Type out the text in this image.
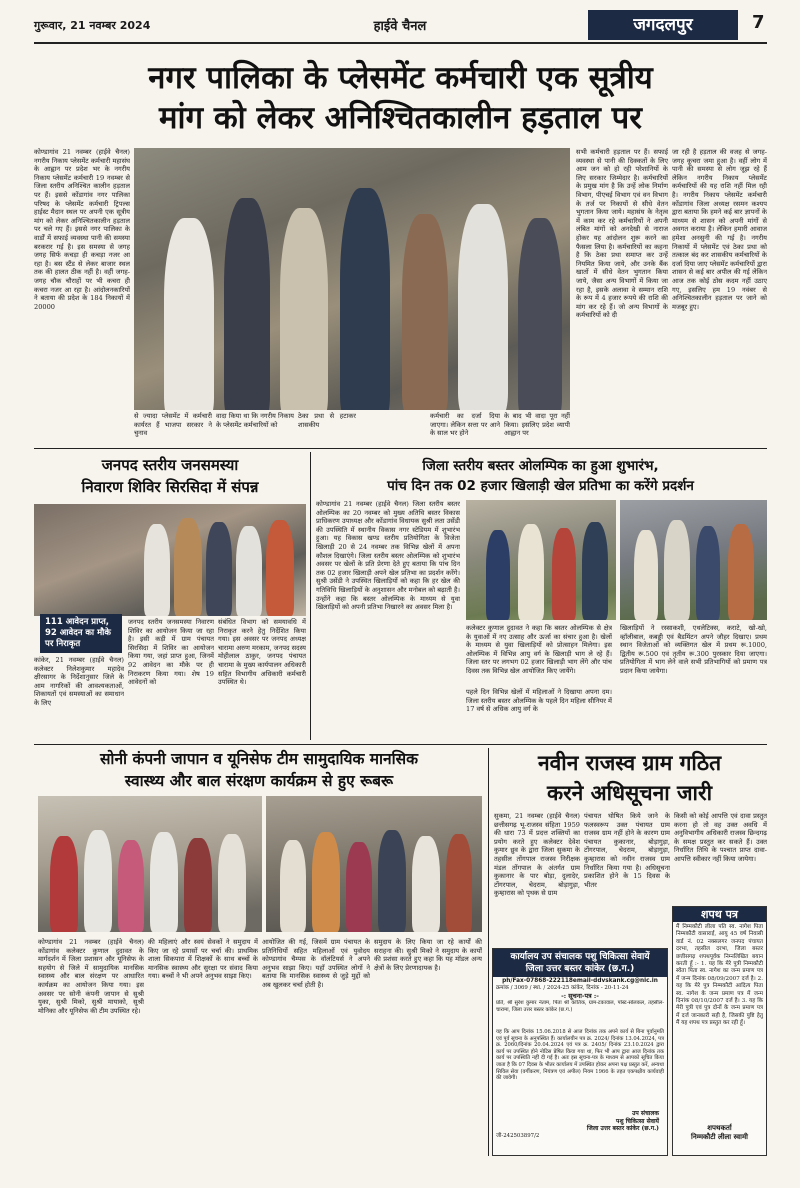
गुरूवार, 21 नवम्बर 2024	हाईवे चैनल	जगदलपुर	7
नगर पालिका के प्लेसमेंट कर्मचारी एक सूत्रीय
मांग को लेकर अनिश्चितकालीन हड़ताल पर
कोण्डागांव 21 नवम्बर (हाईवे चैनल) नगरीय निकाय प्लेसमेंट कर्मचारी महासंघ के आह्वान पर प्रदेश भर के नगरीय निकाय प्लेसमेंट कर्मचारी 19 नवम्बर से जिला स्तरीय अनिश्चित कालीन हड़ताल पर हैं। इससे कोंडागांव नगर पालिका परिषद के प्लेसमेंट कर्मचारी ट्रिपल्स हाईस्ट मैदान स्थल पर अपनी एक सूत्रीय मांग को लेकर अनिश्चितकालीन हड़ताल पर चले गए हैं। इससे नगर पालिका के वार्डों में सफाई व्यवस्था पानी की समस्या बरकरार गई है। इस समस्या से जगह जगह सिर्फ कचड़ा ही कचड़ा नजर आ रहा है। बस स्टैंड से लेकर बाजार स्थल तक की हालत ठीक नहीं है। वहीं जगह-जगह चौक चौराहों पर भी कचरा ही कचरा नजर आ रहा है। आंदोलनकारियों ने बताया की प्रदेश के 184 निकायों में 20000
से ज्यादा प्लेसमेंट में कर्मचारी कार्यरत हैं भाजपा सरकार ने चुनाव
वादा किया था कि नगरीय निकाय के प्लेसमेंट कर्मचारियों को
ठेका प्रथा से हटाकर शासकीय
कर्मचारी का दर्जा दिया जाएगा। लेकिन सत्ता पर आने के साल भर होने
के बाद भी वादा पूरा नहीं किया। इसलिए प्रदेश व्यापी आह्वान पर
सभी कर्मचारी हड़ताल पर हैं। सफाई व्यवस्था से पानी की दिक्कतों के लिए आम जन को हो रही परेशानियों के लिए सरकार जिम्मेदार है। कर्मचारियों के प्रमुख मांग है कि उन्हें लोक निर्माण विभाग, पीएचई विभाग एवं वन विभाग के तर्ज पर निकायों से सीधे वेतन भुगतान किया जाये। महासंघ के नेतृत्व में काम कर रहे कर्मचारियों ने अपनी लंबित मांगों को अनदेखी से नाराज होकर यह आंदोलन शुरू करने का फैसला लिया है। कर्मचारियों का कहना है कि ठेका प्रथा समाप्त कर उन्हें नियमित किया जाये, और उनके बैंक खातों में सीधे वेतन भुगतान किया जाये, जैसा अन्य विभागों में किया जा रहा है, इसके अलावा वे सम्मान राशि के रूप में 4 हजार रूपये की राशि की मांग कर रहे हैं। जो अन्य विभागों के कर्मचारियों को दी
जा रही है हड़ताल की वजह से जगह-जगह कूचरा जमा हुआ है। वहीं लोग में पानी की समस्या से लोग जूझ रहे हैं लेकिन नगरीय निकाय प्लेसमेंट कर्मचारियों की यह राशि नहीं मिल रही है। नगरीय निकाय प्लेसमेंट कर्मचारी कोंडागांव जिला अध्यक्ष रसमन कश्यप द्वारा बताया कि हमने कई बार ज्ञापनों के माध्यम से शासन को अपनी मांगों से अवगत कराया है। लेकिन हमारी आवाज हमेशा अनसुनी की गई है। नगरीय निकायों में प्लेसमेंट एवं ठेका प्रथा को तत्काल बंद कर शासकीय कर्मचारियों के दर्जा दिया जाए प्लेसमेंट कर्मचारियों द्वारा शासन से कई बार अपील की गई लेकिन आज तक कोई ठोस कदम नहीं उठाए गए, इसलिए हम 19 नवंबर से अनिश्चितकालीन हड़ताल पर जाने को मजबूर हुए।
जनपद स्तरीय जनसमस्या
निवारण शिविर सिरसिदा में संपन्न
111 आवेदन प्राप्त,
92 आवेदन का मौके
पर निराकृत
जनपद स्तरीय जनसमस्या निवारण शिविर का आयोजन किया जा रहा है। इसी कड़ी में ग्राम पंचायत सिरसिदा में शिविर का आयोजन किया गया, जहां प्राप्त हुआ, जिनमें 92 आवेदन का मौके पर ही निराकरण किया गया। शेष 19 आवेदनों को
संबंधित विभाग को समयावधि में निराकृत करने हेतु निर्देशित किया गया। इस अवसर पर जनपद अध्यक्ष चारामा अरुण मरकाम, जनपद सदस्य मोहीलाल ठाकुर, जनपद पंचायत चारामा के मुख्य कार्यपालन अधिकारी सहित विभागीय अधिकारी कर्मचारी उपस्थित थे।
कांकेर, 21 नवम्बर (हाईवे चैनल) कलेक्टर निलेशकुमार महादेव क्षीरसागर के निर्देशानुसार जिले के आम नागरिकों की आवश्यकताओं, शिकायतों एवं समस्याओं का समाधान के लिए
जिला स्तरीय बस्तर ओलम्पिक का हुआ शुभारंभ,
पांच दिन तक 02 हजार खिलाड़ी खेल प्रतिभा का करेंगे प्रदर्शन
कोण्डागांव 21 नवम्बर (हाईवे चैनल) जिला स्तरीय बस्तर ओलम्पिक का 20 नवम्बर को मुख्य अतिथि बस्तर विकास प्राधिकरण उपाध्यक्ष और कोंडागांव विधायक सुश्री लता उसेंडी की उपस्थिति में स्थानीय विकास नगर स्टेडियम में शुभारंभ हुआ। यह विकास खण्ड स्तरीय प्रतियोगिता के विजेता खिलाड़ी 20 से 24 नवम्बर तक विभिन्न खेलों में अपना कौशल दिखाएंगे। जिला स्तरीय बस्तर ओलम्पिक को शुभारंभ अवसर पर खेलों के प्रति प्रेरणा देते हुए बताया कि पांच दिन तक 02 हजार खिलाड़ी अपने खेल प्रतिभा का प्रदर्शन करेंगे। सुश्री उसेंडी ने उपस्थित खिलाड़ियों को कहा कि हर खेल की गतिविधि खिलाड़ियों के अनुशासन और मनोबल को बढ़ाती है। उन्होंने कहा कि बस्तर ओलम्पिक के माध्यम से युवा खिलाड़ियों को अपनी प्रतिभा निखारने का अवसर मिला है।
कलेक्टर कुणाल दुदावत ने कहा कि बस्तर ओलम्पिक से क्षेत्र के युवाओं में नए उत्साह और ऊर्जा का संचार हुआ है। खेलों के माध्यम से युवा खिलाड़ियों को प्रोत्साहन मिलेगा। इस ओलम्पिक में विभिन्न आयु वर्ग के खिलाड़ी भाग ले रहे हैं। जिला स्तर पर लगभग 02 हजार खिलाड़ी भाग लेंगे और पांच दिवस तक विभिन्न खेल आयोजित किए जायेंगे।
पहले दिन विभिन्न खेलों में महिलाओं ने दिखाया अपना दम। जिला स्तरीय बस्तर ओलम्पिक के पहले दिन महिला सीनियर में 17 वर्ष से अधिक आयु वर्ग के
खिलाड़ियों ने रस्साकशी, एथलेटिक्स, कराटे, खो-खो, व्हॉलीबाल, कबड्डी एवं बैडमिंटन अपने जौहर दिखाए। प्रथम स्थान विजेताओं को व्यक्तिगत खेल में प्रथम रू.1000, द्वितीय रू.500 एवं तृतीय रू.300 पुरस्कार दिया जाएगा। प्रतियोगिता में भाग लेने वाले सभी प्रतिभागियों को प्रमाण पत्र प्रदान किया जायेगा।
सोनी कंपनी जापान व यूनिसेफ टीम सामुदायिक मानसिक
स्वास्थ्य और बाल संरक्षण कार्यक्रम से हुए रूबरू
कोण्डागांव 21 नवम्बर (हाईवे चैनल) कोंडागांव कलेक्टर कुणाल दुदावत के मार्गदर्शन में जिला प्रशासन और यूनिसेफ के सहयोग से जिले में सामुदायिक मानसिक स्वास्थ्य और बाल संरक्षण पर आधारित कार्यक्रम का आयोजन किया गया। इस अवसर पर सोनी कंपनी जापान से सुश्री युका, सुश्री मिको, सुश्री मायाको, सुश्री मोनिका और यूनिसेफ की टीम उपस्थित रहे।
की महिलाएं और स्वयं सेवकों ने समुदाय में किए जा रहे प्रयासों पर चर्चा की। प्राथमिक शाला सिकपारा में शिक्षकों के साथ बच्चों के मानसिक स्वास्थ्य और सुरक्षा पर संवाद किया गया। बच्चों ने भी अपने अनुभव साझा किए।
आयोजित की गई, जिसमें ग्राम पंचायत के प्रतिनिधियों सहित महिलाओं एवं युवोदय कोण्डागांव चैम्पस के वॉलंटियर्स ने अपने अनुभव साझा किए। यहाँ उपस्थित लोगों ने बताया कि मानसिक स्वास्थ्य से जुड़े मुद्दों को अब खुलकर चर्चा होती है।
समुदाय के लिए किया जा रहे कार्यों की सराहना की। सुश्री मिको ने समुदाय के कार्यों की प्रशंसा करते हुए कहा कि यह मॉडल अन्य क्षेत्रों के लिए प्रेरणादायक है।
नवीन राजस्व ग्राम गठित
करने अधिसूचना जारी
सुकमा, 21 नवम्बर (हाईवे चैनल) छत्तीसगढ़ भू-राजस्व संहिता 1959 की धारा 73 में प्रदत्त शक्तियों का प्रयोग करते हुए कलेक्टर देवेश कुमार ध्रुव के द्वारा जिला सुकमा के तहसील तोंगपाल राजस्व निरीक्षक मंडल तोंगपाल के अंतर्गत ग्राम कुकानार के पार बोड़ा, दुलादेर, टोंगरपाल, चेदराम, बोड़ागुड़ा, कुम्हारास को पृथक से ग्राम
पंचायत घोषित किये जाने के फलस्वरूप उक्त पंचायत ग्राम राजस्व ग्राम नहीं होने के कारण ग्राम पंचायत कुकानार, बोड़ागुड़ा, टोंगरपाल, चेदराम, बोड़ागुड़ा, कुम्हारास को नवीन राजस्व ग्राम निर्धारित किया गया है। अधिसूचना प्रकाशित होने के 15 दिवस के भीतर
किसी को कोई आपत्ति एवं दावा प्रस्तुत करना हो तो वह उक्त अवधि में अनुविभागीय अधिकारी राजस्व छिन्दगढ़ के समक्ष प्रस्तुत कर सकते हैं। उक्त निर्धारित तिथि के पश्चात प्राप्त दावा-आपत्ति स्वीकार नहीं किया जायेगा।
शपथ पत्र
मैं निम्मकौटी लीला पति स्व. नागेश पिता निम्मकौटी वासाराई, आयु 45 वर्ष निवासी वार्ड नं. 02 नक्सलगर जनपद पंचायत दरभा, तहसील दरभा, जिला बस्तर छत्तीसगढ़ शपथपूर्वक निम्नलिखित बयान करती हूँ :- 1. यह कि मेरे पुत्री निम्मकौटी स्वेता पिता स्व. नागेश का जन्म प्रमाण पत्र में जन्म दिनांक 08/09/2007 दर्ज है। 2. यह कि मेरे पुत्र निम्मकौटी आदित्य पिता स्व. नागेश के जन्म प्रमाण पत्र में जन्म दिनांक 08/10/2007 दर्ज है। 3. यह कि मेरी पुत्री एवं पुत्र दोनों के जन्म प्रमाण पत्र में दर्ज जानकारी सही है, जिसकी पुष्टि हेतु मैं यह शपथ पत्र प्रस्तुत कर रही हूँ।
शपथकर्ता
निम्मकौटी लीला स्वामी
कार्यालय उप संचालक पशु चिकित्सा सेवायें
जिला उत्तर बस्तर कांकेर (छ.ग.)
ph/Fax-07868-222118email-ddvskank.cg@nic.in
क्रमांक / 3069 / स्था. / 2024-25 कांकेर, दिनांक - 20-11-24
-: सूचना-पत्र :-
प्रति, श्री सुरेश कुमार नेताम, पिता श्री कांतिक, ग्राम-टकावाल, पोस्ट-सोलकल, तहसील-चारामा, जिला उत्तर बस्तर कांकेर (छ.ग.)
यह कि आप दिनांक 15.06.2018 से आज दिनांक तक अपने कार्य से बिना पूर्वानुमति एवं पूर्व सूचना के अनुपस्थित हैं। कार्यालयीन पत्र क्र. 2024/ दिनांक 13.04.2024, पत्र क्र. 2060/दिनांक 20.04.2024 एवं पत्र क्र. 2405/ दिनांक 23.10.2024 द्वारा कार्य पर उपस्थित होने नोटिस प्रेषित किया गया था, फिर भी आप द्वारा आज दिनांक तक कार्य पर उपस्थिति नहीं दी गई है। अतः इस सूचना-पत्र के माध्यम से आपको सूचित किया जाता है कि 07 दिवस के भीतर कार्यालय में उपस्थित होकर अपना पक्ष प्रस्तुत करें, अन्यथा सिविल सेवा (वर्गीकरण, नियंत्रण एवं अपील) नियम 1966 के तहत एकपक्षीय कार्यवाही की जावेगी।
उप संचालक
पशु चिकित्सा सेवायें
जिला उत्तर बस्तर कांकेर (छ.ग.)
जी-242503897/2
